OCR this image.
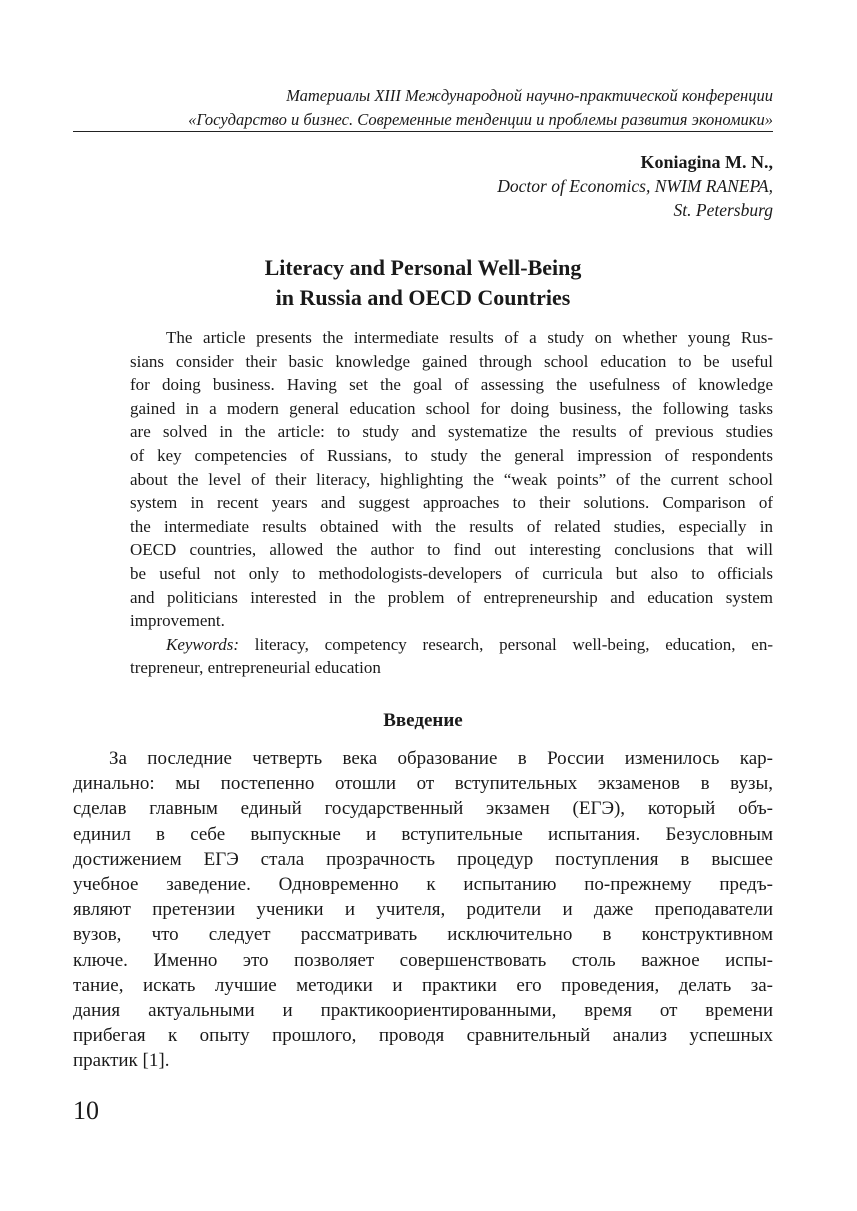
Материалы XIII Международной научно-практической конференции
«Государство и бизнес. Современные тенденции и проблемы развития экономики»
Koniagina M. N.,
Doctor of Economics, NWIM RANEPA,
St. Petersburg
Literacy and Personal Well-Being
in Russia and OECD Countries
The article presents the intermediate results of a study on whether young Rus-
sians consider their basic knowledge gained through school education to be useful
for doing business. Having set the goal of assessing the usefulness of knowledge
gained in a modern general education school for doing business, the following tasks
are solved in the article: to study and systematize the results of previous studies
of key competencies of Russians, to study the general impression of respondents
about the level of their literacy, highlighting the “weak points” of the current school
system in recent years and suggest approaches to their solutions. Comparison of
the intermediate results obtained with the results of related studies, especially in
OECD countries, allowed the author to find out interesting conclusions that will
be useful not only to methodologists-developers of curricula but also to officials
and politicians interested in the problem of entrepreneurship and education system
improvement.
Keywords: literacy, competency research, personal well-being, education, en-
trepreneur, entrepreneurial education
Введение
За последние четверть века образование в России изменилось кар-
динально: мы постепенно отошли от вступительных экзаменов в вузы,
сделав главным единый государственный экзамен (ЕГЭ), который объ-
единил в себе выпускные и вступительные испытания. Безусловным
достижением ЕГЭ стала прозрачность процедур поступления в высшее
учебное заведение. Одновременно к испытанию по-прежнему предъ-
являют претензии ученики и учителя, родители и даже преподаватели
вузов, что следует рассматривать исключительно в конструктивном
ключе. Именно это позволяет совершенствовать столь важное испы-
тание, искать лучшие методики и практики его проведения, делать за-
дания актуальными и практикоориентированными, время от времени
прибегая к опыту прошлого, проводя сравнительный анализ успешных
практик [1].
10
